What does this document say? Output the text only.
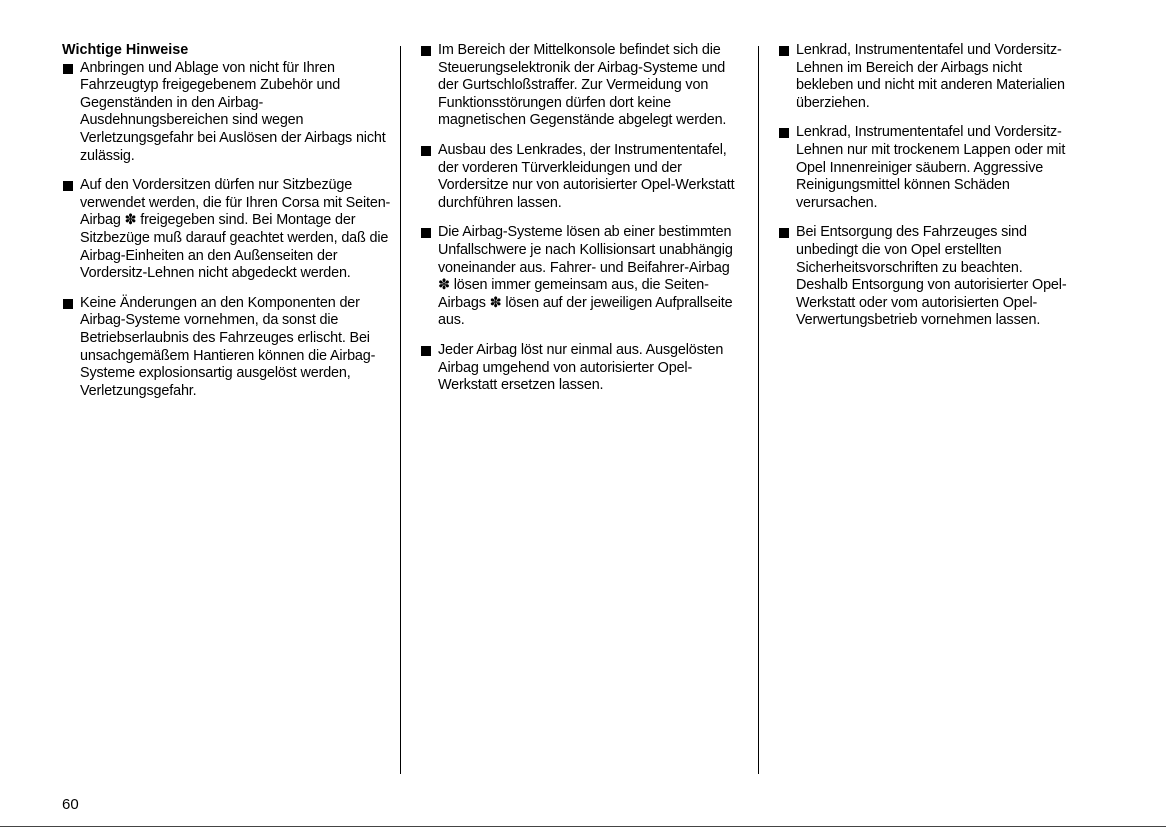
Wichtige Hinweise

Anbringen und Ablage von nicht für Ihren Fahrzeugtyp freigegebenem Zubehör und Gegenständen in den Airbag-Ausdehnungsbereichen sind wegen Verletzungsgefahr bei Auslösen der Airbags nicht zulässig.

Auf den Vordersitzen dürfen nur Sitzbezüge verwendet werden, die für Ihren Corsa mit Seiten-Airbag ✽ freigegeben sind. Bei Montage der Sitzbezüge muß darauf geachtet werden, daß die Airbag-Einheiten an den Außenseiten der Vordersitz-Lehnen nicht abgedeckt werden.

Keine Änderungen an den Komponenten der Airbag-Systeme vornehmen, da sonst die Betriebserlaubnis des Fahrzeuges erlischt. Bei unsachgemäßem Hantieren können die Airbag-Systeme explosionsartig ausgelöst werden, Verletzungsgefahr.

Im Bereich der Mittelkonsole befindet sich die Steuerungselektronik der Airbag-Systeme und der Gurtschloßstraffer. Zur Vermeidung von Funktionsstörungen dürfen dort keine magnetischen Gegenstände abgelegt werden.

Ausbau des Lenkrades, der Instrumententafel, der vorderen Türverkleidungen und der Vordersitze nur von autorisierter Opel-Werkstatt durchführen lassen.

Die Airbag-Systeme lösen ab einer bestimmten Unfallschwere je nach Kollisionsart unabhängig voneinander aus. Fahrer- und Beifahrer-Airbag ✽ lösen immer gemeinsam aus, die Seiten-Airbags ✽ lösen auf der jeweiligen Aufprallseite aus.

Jeder Airbag löst nur einmal aus. Ausgelösten Airbag umgehend von autorisierter Opel-Werkstatt ersetzen lassen.

Lenkrad, Instrumententafel und Vordersitz-Lehnen im Bereich der Airbags nicht bekleben und nicht mit anderen Materialien überziehen.

Lenkrad, Instrumententafel und Vordersitz-Lehnen nur mit trockenem Lappen oder mit Opel Innenreiniger säubern. Aggressive Reinigungsmittel können Schäden verursachen.

Bei Entsorgung des Fahrzeuges sind unbedingt die von Opel erstellten Sicherheitsvorschriften zu beachten. Deshalb Entsorgung von autorisierter Opel-Werkstatt oder vom autorisierten Opel-Verwertungsbetrieb vornehmen lassen.

60
